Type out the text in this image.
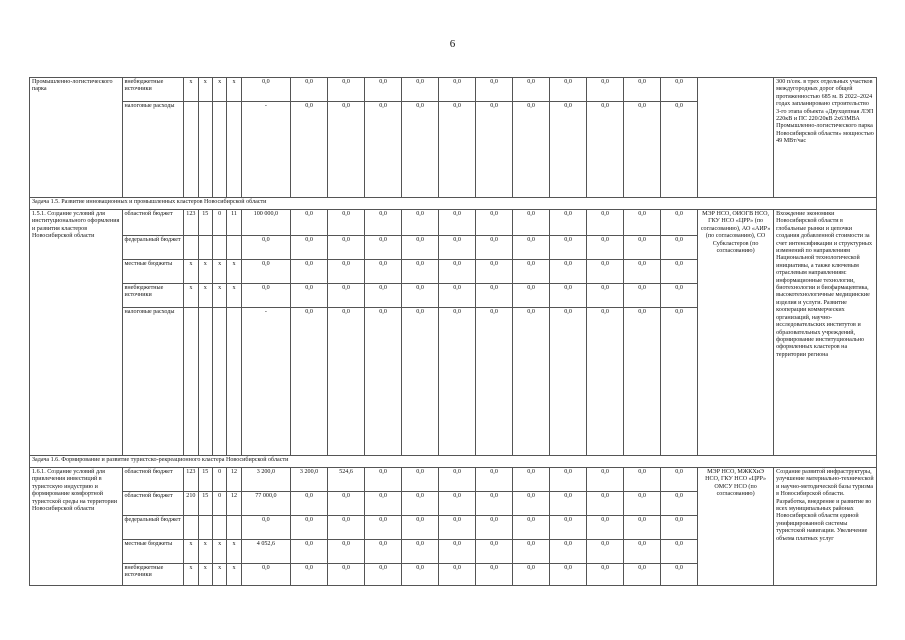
6
Промышленно-логистического парка	внебюджетные источники	х	х	х	х	0,0	0,0	0,0	0,0	0,0	0,0	0,0	0,0	0,0	0,0	0,0	0,0		300 п/сек. в трех отдельных участков междугородных дорог общей протяженностью 685 м. В 2022–2024 годах запланировано строительство 3-го этапа объекта «Двухцепная ЛЭП 220кВ и ПС 220/20кВ 2х63МВА Промышленно-логистического парка Новосибирской области» мощностью 49 МВт/час
	налоговые расходы					-	0,0	0,0	0,0	0,0	0,0	0,0	0,0	0,0	0,0	0,0	0,0		
Задача 1.5. Развитие инновационных и промышленных кластеров Новосибирской области																			
1.5.1. Создание условий для институционального оформления и развития кластеров Новосибирской области	областной бюджет	123	15	0	11	100 000,0	0,0	0,0	0,0	0,0	0,0	0,0	0,0	0,0	0,0	0,0	0,0	МЭР НСО, ОИОГВ НСО, ГКУ НСО «ЦРР» (по согласованию), АО «АИР» (по согласованию), СО Субкластеров (по согласованию)	Вхождение экономики Новосибирской области в глобальные рынки и цепочки создания добавленной стоимости за счет интенсификации и структурных изменений по направлениям Национальной технологической инициативы, а также ключевым отраслевым направлениям: информационные технологии, биотехнологии и биофармацевтика, высокотехнологичные медицинские изделия и услуги. Развитие кооперации коммерческих организаций, научно-исследовательских институтов и образовательных учреждений, формирование институционально оформленных кластеров на территории региона
	федеральный бюджет					0,0	0,0	0,0	0,0	0,0	0,0	0,0	0,0	0,0	0,0	0,0	0,0		
	местные бюджеты	х	х	х	х	0,0	0,0	0,0	0,0	0,0	0,0	0,0	0,0	0,0	0,0	0,0	0,0		
	внебюджетные источники	х	х	х	х	0,0	0,0	0,0	0,0	0,0	0,0	0,0	0,0	0,0	0,0	0,0	0,0		
	налоговые расходы					-	0,0	0,0	0,0	0,0	0,0	0,0	0,0	0,0	0,0	0,0	0,0		
Задача 1.6. Формирование и развитие туристско-рекреационного кластера Новосибирской области																			
1.6.1. Создание условий для привлечения инвестиций в туристскую индустрию и формирование комфортной туристской среды на территории Новосибирской области	областной бюджет	123	15	0	12	3 200,0	3 200,0	524,6	0,0	0,0	0,0	0,0	0,0	0,0	0,0	0,0	0,0	МЭР НСО, МЖКХиЭ НСО, ГКУ НСО «ЦРР» ОМСУ НСО (по согласованию)	Создание развитой инфраструктуры, улучшение материально-технической и научно-методической базы туризма в Новосибирской области. Разработка, внедрение и развитие во всех муниципальных районах Новосибирской области единой унифицированной системы туристской навигации. Увеличение объема платных услуг
	областной бюджет	210	15	0	12	77 000,0	0,0	0,0	0,0	0,0	0,0	0,0	0,0	0,0	0,0	0,0	0,0		
	федеральный бюджет					0,0	0,0	0,0	0,0	0,0	0,0	0,0	0,0	0,0	0,0	0,0	0,0		
	местные бюджеты	х	х	х	х	4 052,6	0,0	0,0	0,0	0,0	0,0	0,0	0,0	0,0	0,0	0,0	0,0		
	внебюджетные источники	х	х	х	х	0,0	0,0	0,0	0,0	0,0	0,0	0,0	0,0	0,0	0,0	0,0	0,0		
